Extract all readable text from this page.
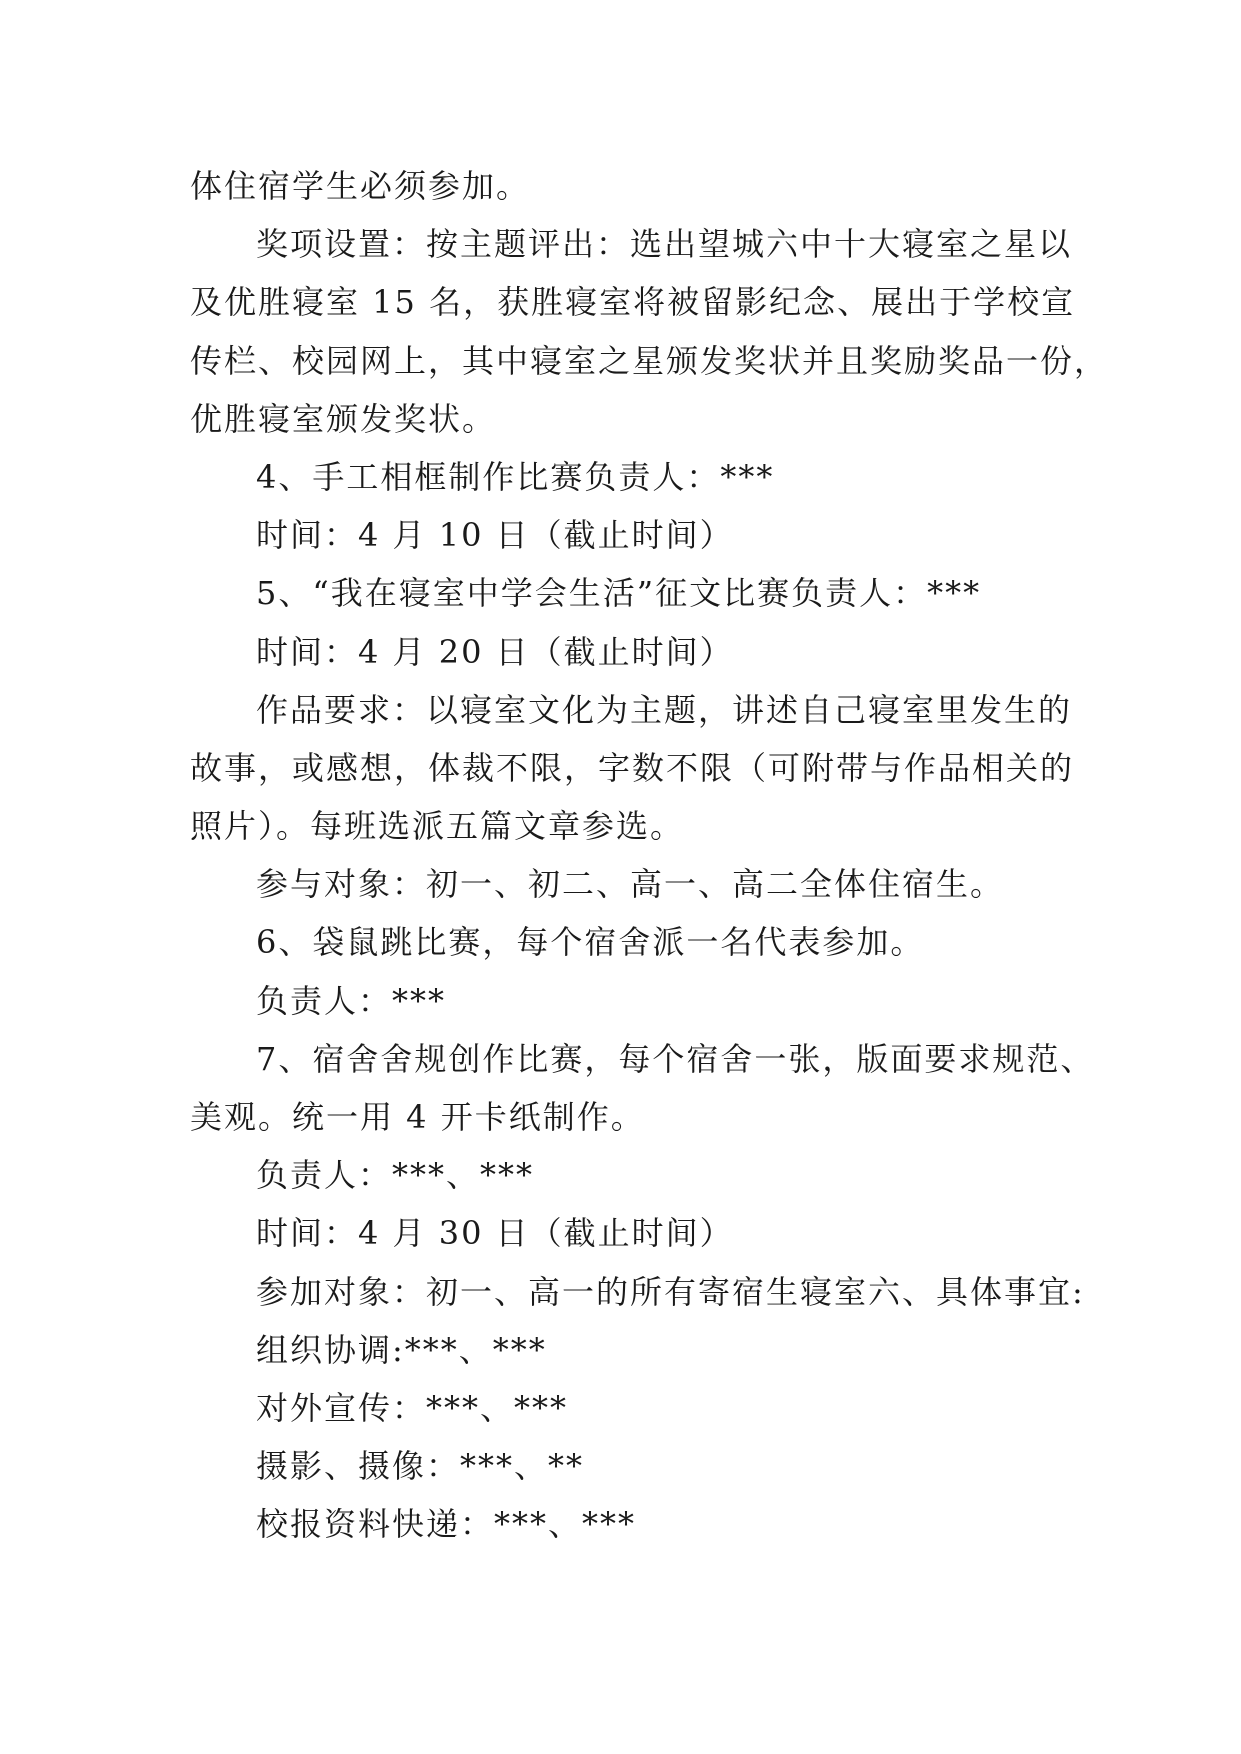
体住宿学生必须参加。
奖项设置：按主题评出：选出望城六中十大寝室之星以
及优胜寝室 15 名，获胜寝室将被留影纪念、展出于学校宣
传栏、校园网上，其中寝室之星颁发奖状并且奖励奖品一份，
优胜寝室颁发奖状。
4、手工相框制作比赛负责人：***
时间：4 月 10 日（截止时间）
5、“我在寝室中学会生活”征文比赛负责人：***
时间：4 月 20 日（截止时间）
作品要求：以寝室文化为主题，讲述自己寝室里发生的
故事，或感想，体裁不限，字数不限（可附带与作品相关的
照片）。每班选派五篇文章参选。
参与对象：初一、初二、高一、高二全体住宿生。
6、袋鼠跳比赛，每个宿舍派一名代表参加。
负责人：***
7、宿舍舍规创作比赛，每个宿舍一张，版面要求规范、
美观。统一用 4 开卡纸制作。
负责人：***、***
时间：4 月 30 日（截止时间）
参加对象：初一、高一的所有寄宿生寝室六、具体事宜:
组织协调:***、***
对外宣传：***、***
摄影、摄像：***、**
校报资料快递：***、***
